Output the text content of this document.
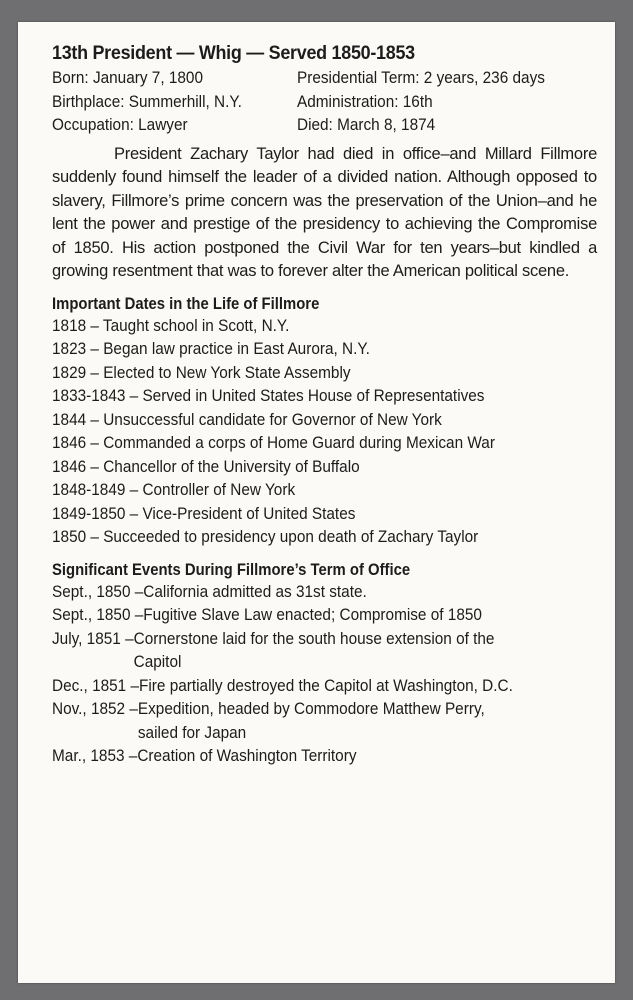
13th President — Whig — Served 1850-1853
Born: January 7, 1800	Presidential Term: 2 years, 236 days
Birthplace: Summerhill, N.Y.	Administration: 16th
Occupation: Lawyer	Died: March 8, 1874
President Zachary Taylor had died in office–and Millard Fillmore suddenly found himself the leader of a divided nation. Although opposed to slavery, Fillmore’s prime concern was the preservation of the Union–and he lent the power and prestige of the presidency to achieving the Compromise of 1850. His action postponed the Civil War for ten years–but kindled a growing resentment that was to forever alter the American political scene.
Important Dates in the Life of Fillmore
1818 – Taught school in Scott, N.Y.
1823 – Began law practice in East Aurora, N.Y.
1829 – Elected to New York State Assembly
1833-1843 – Served in United States House of Representatives
1844 – Unsuccessful candidate for Governor of New York
1846 – Commanded a corps of Home Guard during Mexican War
1846 – Chancellor of the University of Buffalo
1848-1849 – Controller of New York
1849-1850 – Vice-President of United States
1850 – Succeeded to presidency upon death of Zachary Taylor
Significant Events During Fillmore’s Term of Office
Sept., 1850 – California admitted as 31st state.
Sept., 1850 – Fugitive Slave Law enacted; Compromise of 1850
July, 1851 – Cornerstone laid for the south house extension of the Capitol
Dec., 1851 – Fire partially destroyed the Capitol at Washington, D.C.
Nov., 1852 – Expedition, headed by Commodore Matthew Perry, sailed for Japan
Mar., 1853 – Creation of Washington Territory
